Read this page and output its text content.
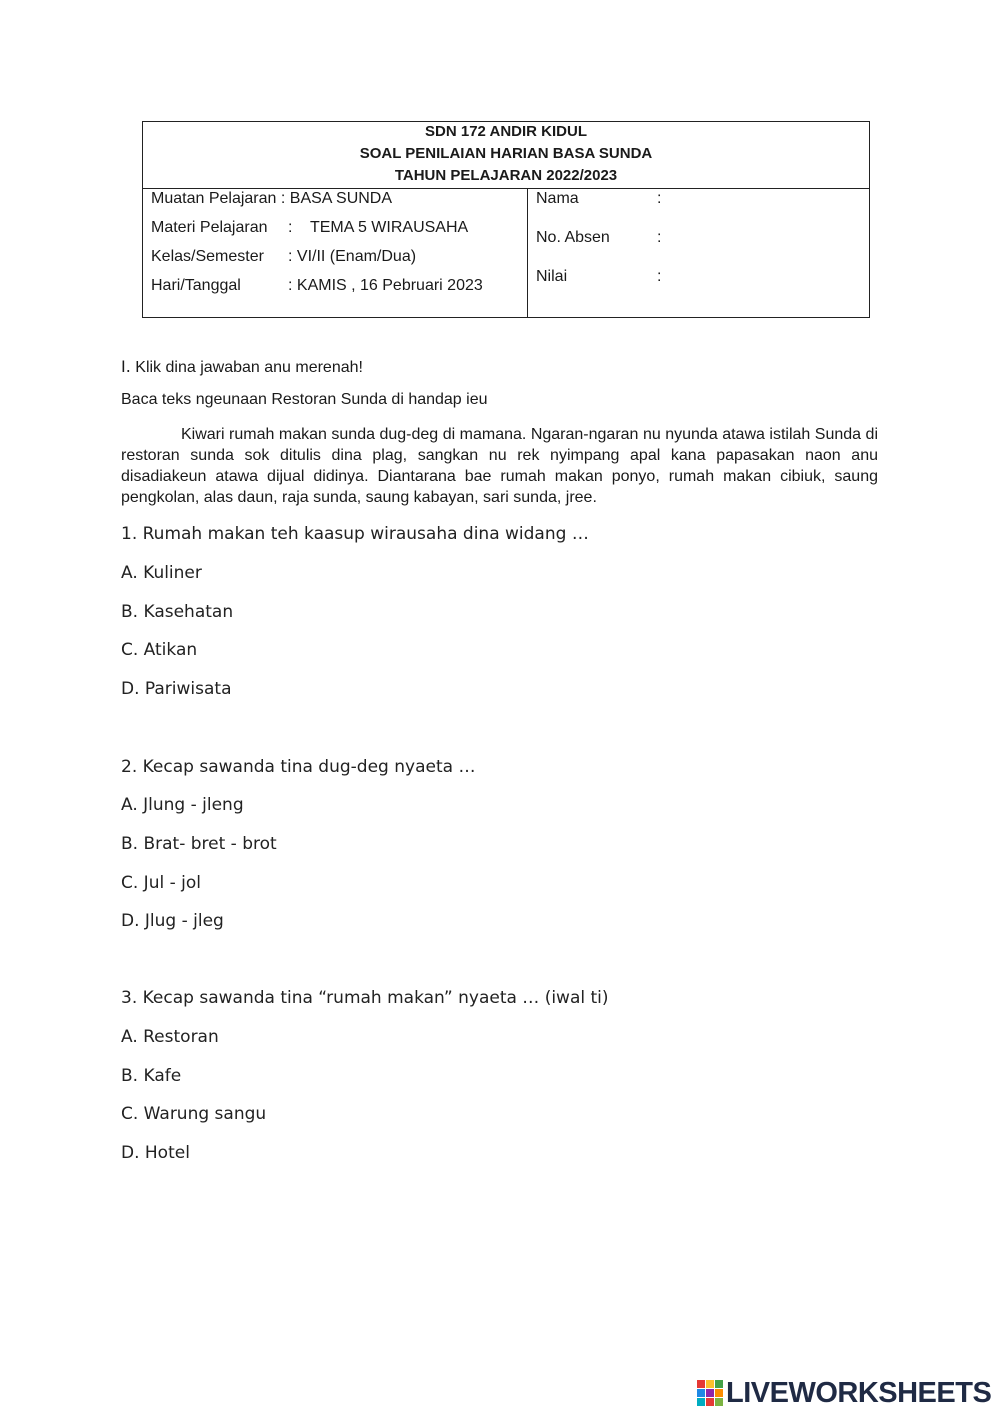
SDN 172 ANDIR KIDUL
SOAL PENILAIAN HARIAN BASA SUNDA
TAHUN PELAJARAN 2022/2023
Muatan Pelajaran : BASA SUNDA
Materi Pelajaran :    TEMA 5 WIRAUSAHA
Kelas/Semester : VI/II (Enam/Dua)
Hari/Tanggal	: KAMIS , 16 Pebruari 2023
Nama	:
No. Absen	:
Nilai	:
I. Klik dina jawaban anu merenah!
Baca teks ngeunaan Restoran Sunda di handap ieu
Kiwari rumah makan sunda dug-deg di mamana. Ngaran-ngaran nu nyunda atawa istilah Sunda di restoran sunda sok ditulis dina plag, sangkan nu rek nyimpang apal kana papasakan naon anu disadiakeun atawa dijual didinya. Diantarana bae rumah makan ponyo, rumah makan cibiuk, saung pengkolan, alas daun, raja sunda, saung kabayan, sari sunda, jree.
1. Rumah makan teh kaasup wirausaha dina widang …
A. Kuliner
B. Kasehatan
C. Atikan
D. Pariwisata
2. Kecap sawanda tina dug-deg nyaeta …
A. Jlung - jleng
B. Brat- bret - brot
C. Jul - jol
D. Jlug - jleg
3. Kecap sawanda tina “rumah makan” nyaeta … (iwal ti)
A. Restoran
B. Kafe
C. Warung sangu
D. Hotel
LIVEWORKSHEETS
